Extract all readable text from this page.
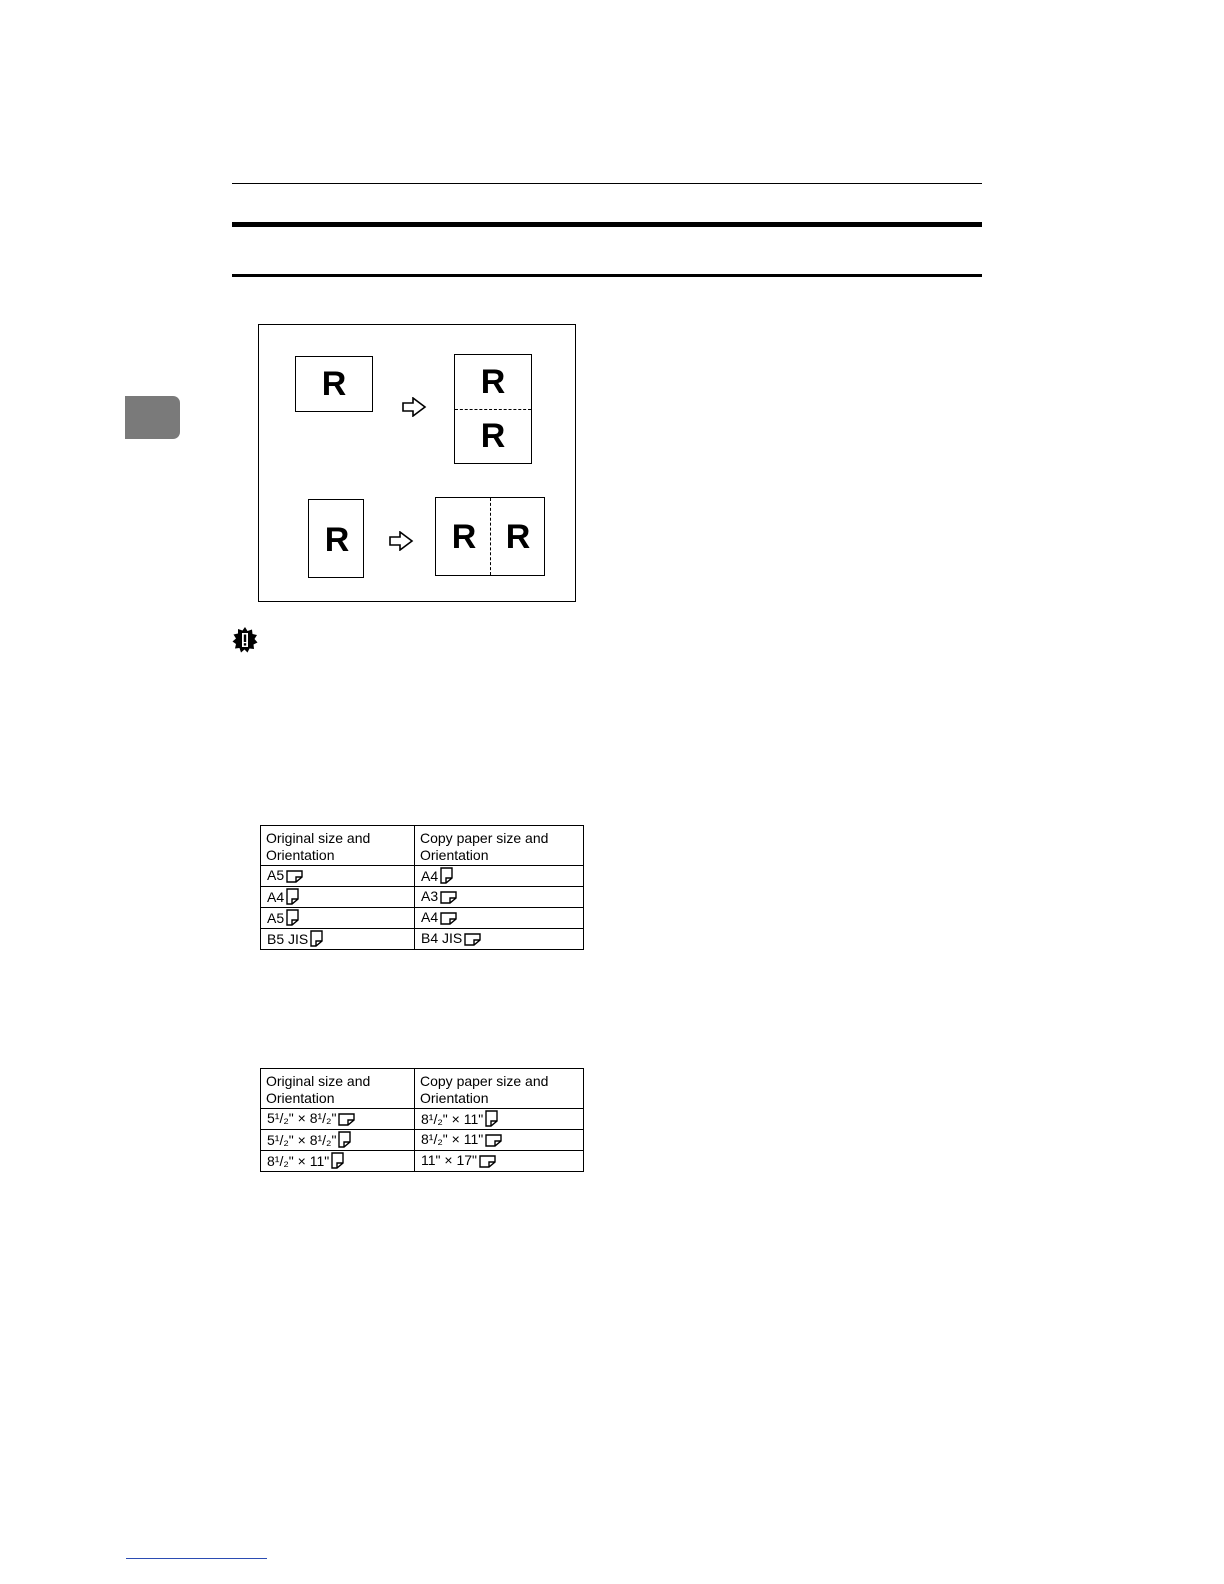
R	R
R
R	R R
Original size and Orientation	Copy paper size and Orientation
A5	A4
A4	A3
A5	A4
B5 JIS	B4 JIS
Original size and Orientation	Copy paper size and Orientation
5¹/₂" × 8¹/₂"	8¹/₂" × 11"
5¹/₂" × 8¹/₂"	8¹/₂" × 11"
8¹/₂" × 11"	11" × 17"
